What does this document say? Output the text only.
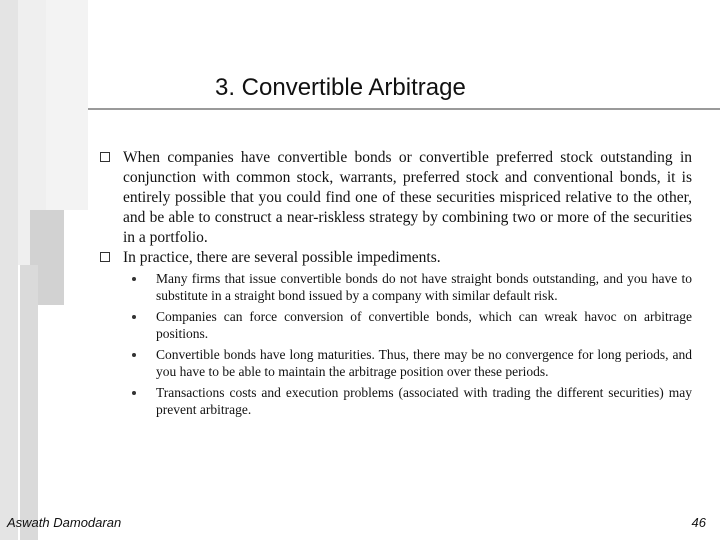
3. Convertible Arbitrage
When companies have convertible bonds or convertible preferred stock outstanding in conjunction with common stock, warrants, preferred stock and conventional bonds, it is entirely possible that you could find one of these securities mispriced relative to the other, and be able to construct a near-riskless strategy by combining two or more of the securities in a portfolio.
In practice, there are several possible impediments.
Many firms that issue convertible bonds do not have straight bonds outstanding, and you have to substitute in a straight bond issued by a company with similar default risk.
Companies can force conversion of convertible bonds, which can wreak havoc on arbitrage positions.
Convertible bonds have long maturities. Thus, there may be no convergence for long periods, and you have to be able to maintain the arbitrage position over these periods.
Transactions costs and execution problems (associated with trading the different securities) may prevent arbitrage.
Aswath Damodaran	46
